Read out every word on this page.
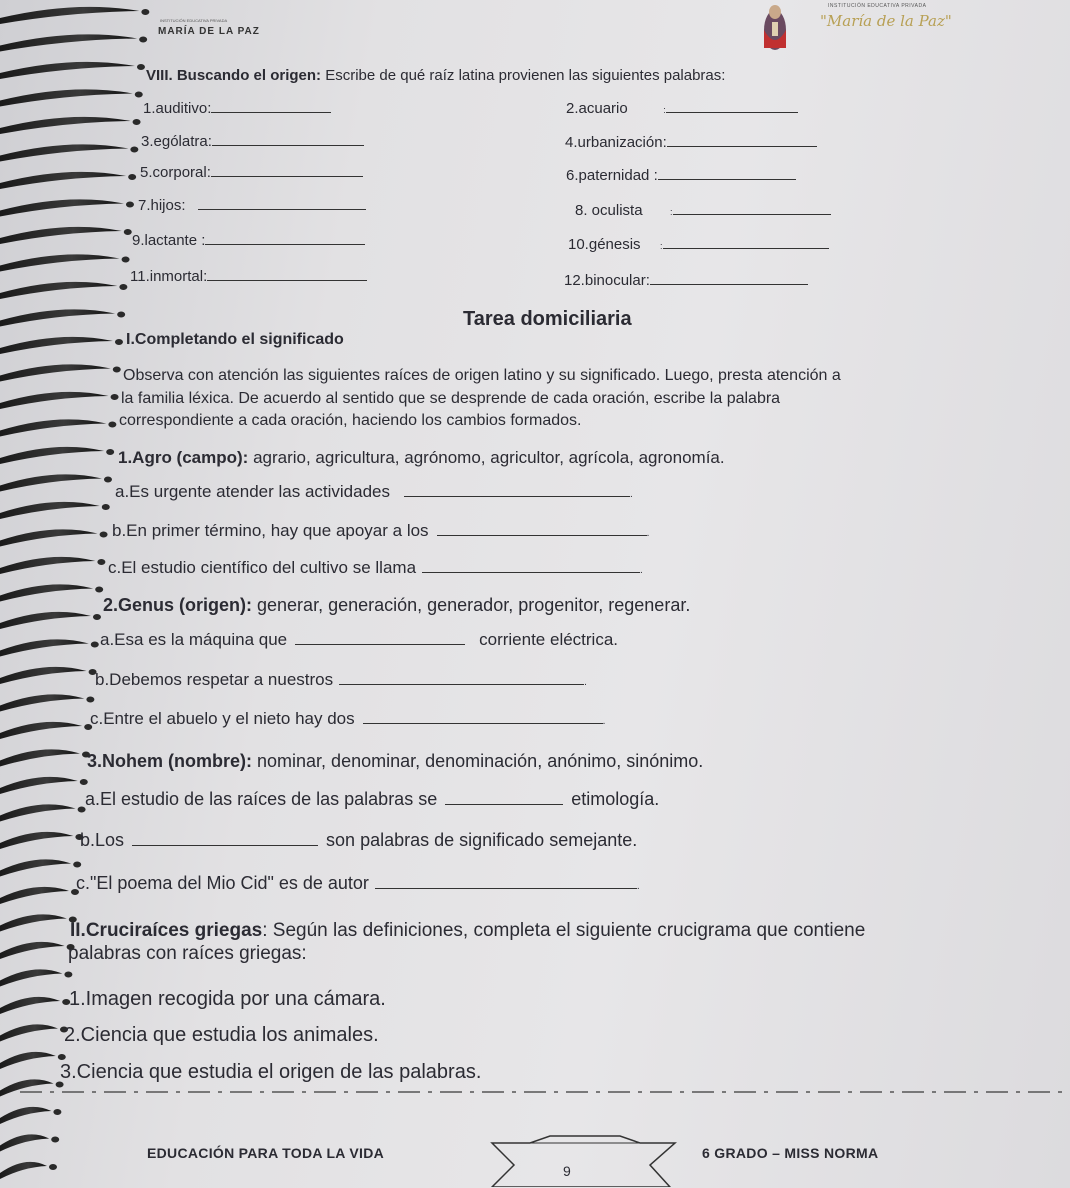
INSTITUCIÓN EDUCATIVA PRIVADA
MARÍA DE LA PAZ
INSTITUCIÓN EDUCATIVA PRIVADA
"María de la Paz"
VIII. Buscando el origen: Escribe de qué raíz latina provienen las siguientes palabras:
1.auditivo:	2.acuario	:
3.ególatra:	4.urbanización:
5.corporal:	6.paternidad :
7.hijos:	8. oculista	:
9.lactante :	10.génesis :
11.inmortal:	12.binocular:
Tarea domiciliaria
I.Completando el significado
Observa con atención las siguientes raíces de origen latino y su significado. Luego, presta atención a
la familia léxica. De acuerdo al sentido que se desprende de cada oración, escribe la palabra
correspondiente a cada oración, haciendo los cambios formados.
1.Agro (campo): agrario, agricultura, agrónomo, agricultor, agrícola, agronomía.
a.Es urgente atender las actividades	.
b.En primer término, hay que apoyar a los	.
c.El estudio científico del cultivo se llama	.
2.Genus (origen): generar, generación, generador, progenitor, regenerar.
a.Esa es la máquina que	corriente eléctrica.
b.Debemos respetar a nuestros	.
c.Entre el abuelo y el nieto hay dos	.
3.Nohem (nombre): nominar, denominar, denominación, anónimo, sinónimo.
a.El estudio de las raíces de las palabras se	etimología.
b.Los	son palabras de significado semejante.
c."El poema del Mio Cid" es de autor	.
II.Cruciraíces griegas: Según las definiciones, completa el siguiente crucigrama que contiene
palabras con raíces griegas:
1.Imagen recogida por una cámara.
2.Ciencia que estudia los animales.
3.Ciencia que estudia el origen de las palabras.
EDUCACIÓN PARA TODA LA VIDA
9
6 GRADO – MISS NORMA
